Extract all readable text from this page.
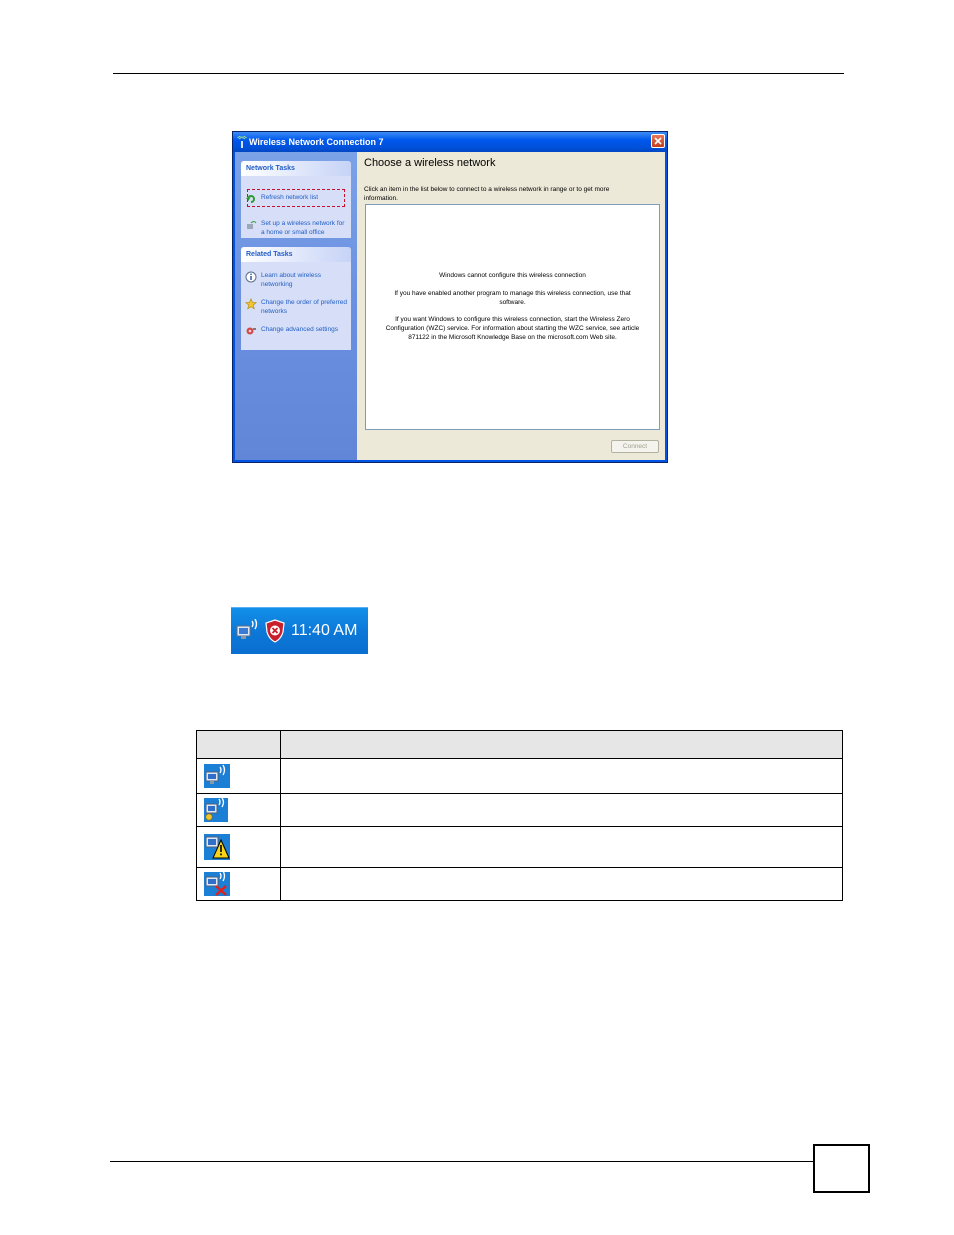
Wireless Network Connection 7
Network Tasks
Refresh network list
Set up a wireless network for a home or small office
Related Tasks
Learn about wireless networking
Change the order of preferred networks
Change advanced settings
Choose a wireless network
Click an item in the list below to connect to a wireless network in range or to get more information.
Windows cannot configure this wireless connection
If you have enabled another program to manage this wireless connection, use that software.
If you want Windows to configure this wireless connection, start the Wireless Zero Configuration (WZC) service. For information about starting the WZC service, see article 871122 in the Microsoft Knowledge Base on the microsoft.com Web site.
Connect
11:40 AM
